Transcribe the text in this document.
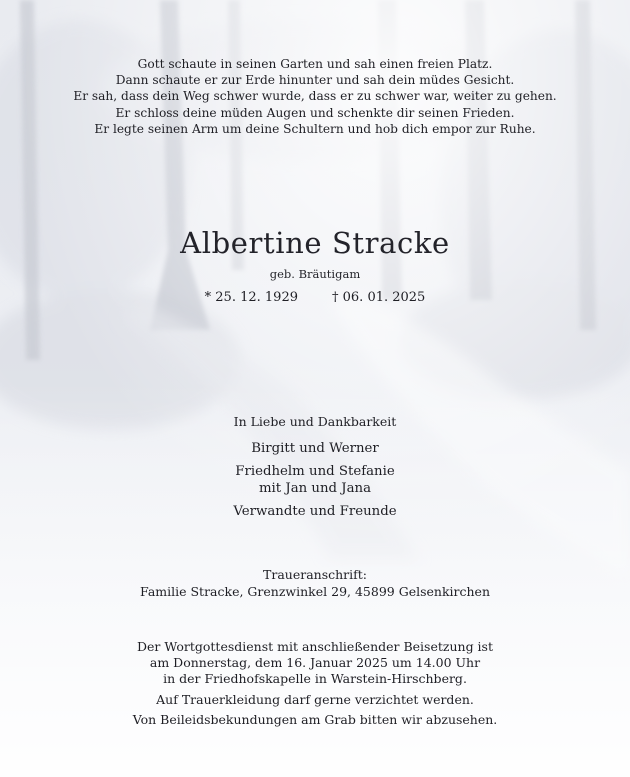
Gott schaute in seinen Garten und sah einen freien Platz.
Dann schaute er zur Erde hinunter und sah dein müdes Gesicht.
Er sah, dass dein Weg schwer wurde, dass er zu schwer war, weiter zu gehen.
Er schloss deine müden Augen und schenkte dir seinen Frieden.
Er legte seinen Arm um deine Schultern und hob dich empor zur Ruhe.
Albertine Stracke
geb. Bräutigam
* 25. 12. 1929	† 06. 01. 2025
In Liebe und Dankbarkeit
Birgitt und Werner
Friedhelm und Stefanie
mit Jan und Jana
Verwandte und Freunde
Traueranschrift:
Familie Stracke, Grenzwinkel 29, 45899 Gelsenkirchen
Der Wortgottesdienst mit anschließender Beisetzung ist
am Donnerstag, dem 16. Januar 2025 um 14.00 Uhr
in der Friedhofskapelle in Warstein-Hirschberg.
Auf Trauerkleidung darf gerne verzichtet werden.
Von Beileidsbekundungen am Grab bitten wir abzusehen.
